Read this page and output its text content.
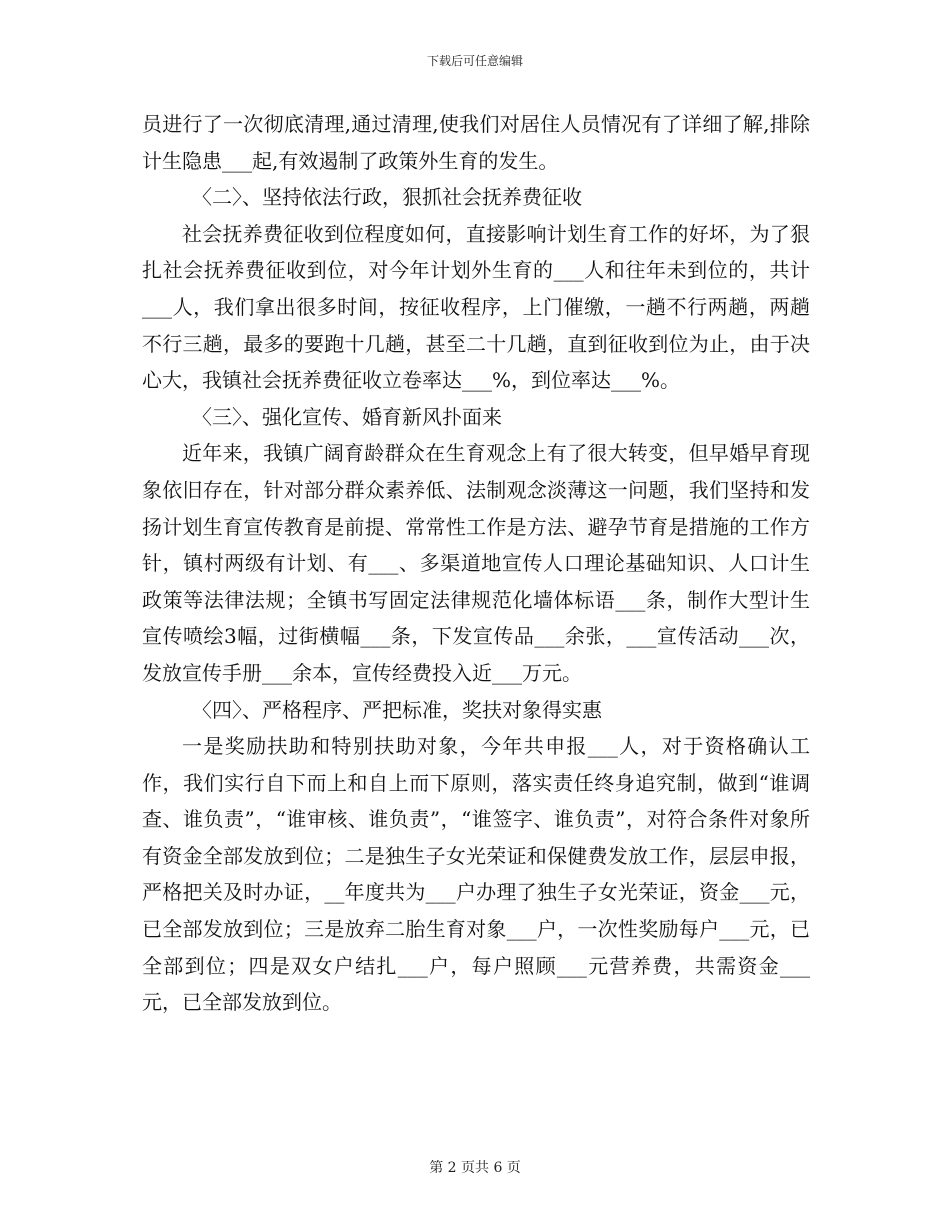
下载后可任意编辑

员进行了一次彻底清理,通过清理,使我们对居住人员情况有了详细了解,排除计生隐患___起,有效遏制了政策外生育的发生。

〈二〉、坚持依法行政，狠抓社会抚养费征收

社会抚养费征收到位程度如何，直接影响计划生育工作的好坏，为了狠扎社会抚养费征收到位，对今年计划外生育的___人和往年未到位的，共计___人，我们拿出很多时间，按征收程序，上门催缴，一趟不行两趟，两趟不行三趟，最多的要跑十几趟，甚至二十几趟，直到征收到位为止，由于决心大，我镇社会抚养费征收立卷率达___%，到位率达___%。

〈三〉、强化宣传、婚育新风扑面来

近年来，我镇广阔育龄群众在生育观念上有了很大转变，但早婚早育现象依旧存在，针对部分群众素养低、法制观念淡薄这一问题，我们坚持和发扬计划生育宣传教育是前提、常常性工作是方法、避孕节育是措施的工作方针，镇村两级有计划、有___、多渠道地宣传人口理论基础知识、人口计生政策等法律法规；全镇书写固定法律规范化墙体标语___条，制作大型计生宣传喷绘3幅，过街横幅___条，下发宣传品___余张，___宣传活动___次，发放宣传手册___余本，宣传经费投入近___万元。

〈四〉、严格程序、严把标准，奖扶对象得实惠

一是奖励扶助和特别扶助对象，今年共申报___人，对于资格确认工作，我们实行自下而上和自上而下原则，落实责任终身追究制，做到“谁调查、谁负责”，“谁审核、谁负责”，“谁签字、谁负责”，对符合条件对象所有资金全部发放到位；二是独生子女光荣证和保健费发放工作，层层申报，严格把关及时办证，__年度共为___户办理了独生子女光荣证，资金___元，已全部发放到位；三是放弃二胎生育对象___户，一次性奖励每户___元，已全部到位；四是双女户结扎___户，每户照顾___元营养费，共需资金___元，已全部发放到位。

第 2 页共 6 页
